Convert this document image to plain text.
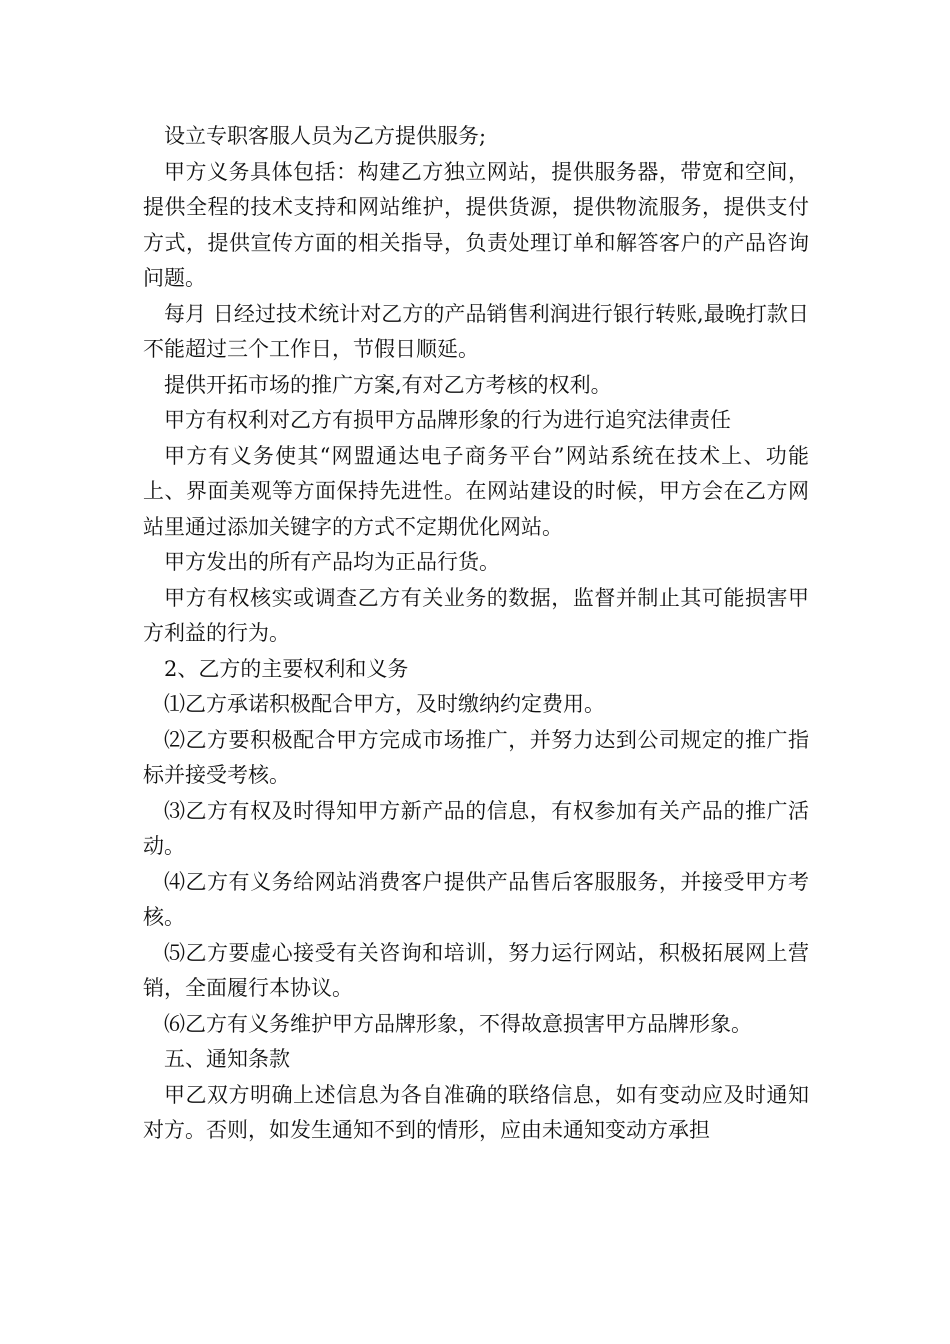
设立专职客服人员为乙方提供服务;

甲方义务具体包括：构建乙方独立网站，提供服务器，带宽和空间，提供全程的技术支持和网站维护，提供货源，提供物流服务，提供支付方式，提供宣传方面的相关指导，负责处理订单和解答客户的产品咨询问题。

每月 日经过技术统计对乙方的产品销售利润进行银行转账,最晚打款日不能超过三个工作日，节假日顺延。

提供开拓市场的推广方案,有对乙方考核的权利。

甲方有权利对乙方有损甲方品牌形象的行为进行追究法律责任

甲方有义务使其“网盟通达电子商务平台”网站系统在技术上、功能上、界面美观等方面保持先进性。在网站建设的时候，甲方会在乙方网站里通过添加关键字的方式不定期优化网站。

甲方发出的所有产品均为正品行货。

甲方有权核实或调查乙方有关业务的数据，监督并制止其可能损害甲方利益的行为。

2、乙方的主要权利和义务

⑴乙方承诺积极配合甲方，及时缴纳约定费用。

⑵乙方要积极配合甲方完成市场推广，并努力达到公司规定的推广指标并接受考核。

⑶乙方有权及时得知甲方新产品的信息，有权参加有关产品的推广活动。

⑷乙方有义务给网站消费客户提供产品售后客服服务，并接受甲方考核。

⑸乙方要虚心接受有关咨询和培训，努力运行网站，积极拓展网上营销，全面履行本协议。

⑹乙方有义务维护甲方品牌形象，不得故意损害甲方品牌形象。

五、通知条款

甲乙双方明确上述信息为各自准确的联络信息，如有变动应及时通知对方。否则，如发生通知不到的情形，应由未通知变动方承担
